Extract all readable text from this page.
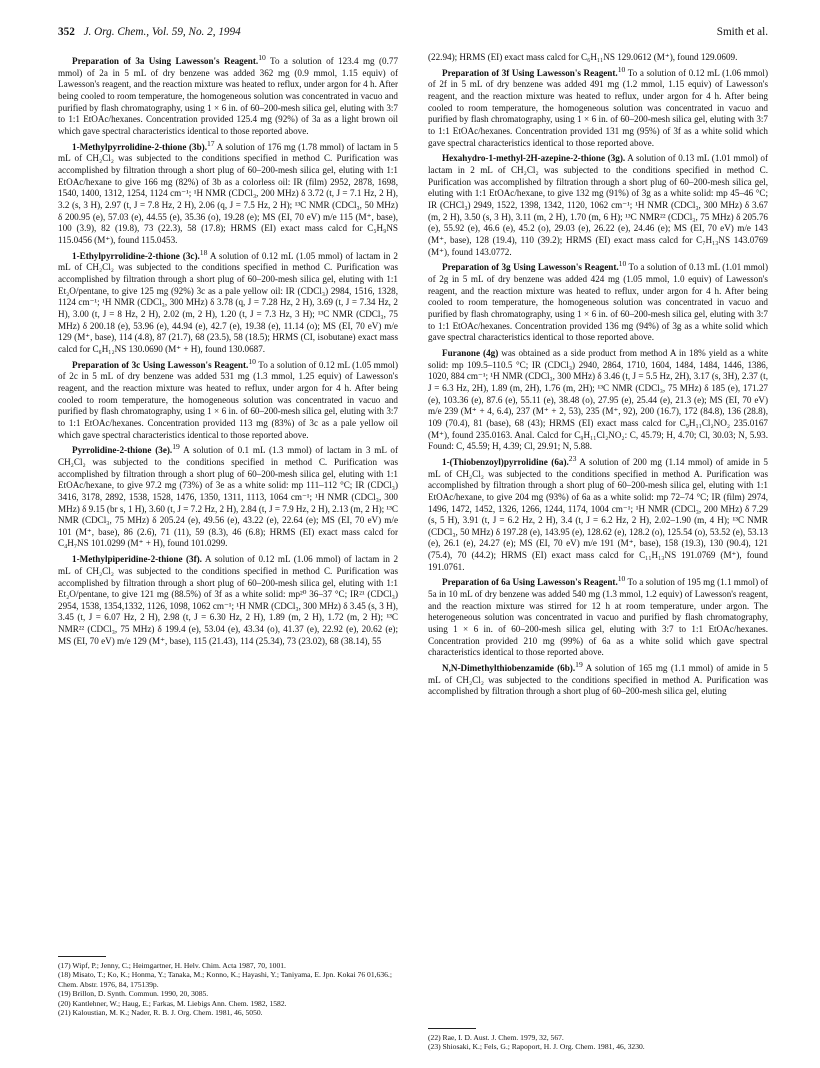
352 J. Org. Chem., Vol. 59, No. 2, 1994	Smith et al.

Preparation of 3a Using Lawesson's Reagent.$^{10}$ To a solution of 123.4 mg (0.77 mmol) of 2a in 5 mL of dry benzene was added 362 mg (0.9 mmol, 1.15 equiv) of Lawesson's reagent, and the reaction mixture was heated to reflux, under argon for 4 h. After being cooled to room temperature, the homogeneous solution was concentrated in vacuo and purified by flash chromatography, using 1 × 6 in. of 60–200-mesh silica gel, eluting with 3:7 to 1:1 EtOAc/hexanes. Concentration provided 125.4 mg (92%) of 3a as a light brown oil which gave spectral characteristics identical to those reported above.

1-Methylpyrrolidine-2-thione (3b).$^{17}$ A solution of 176 mg (1.78 mmol) of lactam in 5 mL of CH₂Cl₂ was subjected to the conditions specified in method C. Purification was accomplished by filtration through a short plug of 60–200-mesh silica gel, eluting with 1:1 EtOAc/hexane to give 166 mg (82%) of 3b as a colorless oil: IR (film) 2952, 2878, 1698, 1540, 1400, 1312, 1254, 1124 cm⁻¹; ¹H NMR (CDCl₃, 200 MHz) δ 3.72 (t, J = 7.1 Hz, 2 H), 3.2 (s, 3 H), 2.97 (t, J = 7.8 Hz, 2 H), 2.06 (q, J = 7.5 Hz, 2 H); ¹³C NMR (CDCl₃, 50 MHz) δ 200.95 (e), 57.03 (e), 44.55 (e), 35.36 (o), 19.28 (e); MS (EI, 70 eV) m/e 115 (M⁺, base), 100 (3.9), 82 (19.8), 73 (22.3), 58 (17.8); HRMS (EI) exact mass calcd for C₅H₉NS 115.0456 (M⁺), found 115.0453.

1-Ethylpyrrolidine-2-thione (3c).$^{18}$ A solution of 0.12 mL (1.05 mmol) of lactam in 2 mL of CH₂Cl₂ was subjected to the conditions specified in method C. Purification was accomplished by filtration through a short plug of 60–200-mesh silica gel, eluting with 1:1 Et₂O/pentane, to give 125 mg (92%) 3c as a pale yellow oil: IR (CDCl₃) 2984, 1516, 1328, 1124 cm⁻¹; ¹H NMR (CDCl₃, 300 MHz) δ 3.78 (q, J = 7.28 Hz, 2 H), 3.69 (t, J = 7.34 Hz, 2 H), 3.00 (t, J = 8 Hz, 2 H), 2.02 (m, 2 H), 1.20 (t, J = 7.3 Hz, 3 H); ¹³C NMR (CDCl₃, 75 MHz) δ 200.18 (e), 53.96 (e), 44.94 (e), 42.7 (e), 19.38 (e), 11.14 (o); MS (EI, 70 eV) m/e 129 (M⁺, base), 114 (4.8), 87 (21.7), 68 (23.5), 58 (18.5); HRMS (CI, isobutane) exact mass calcd for C₆H₁₂NS 130.0690 (M⁺ + H), found 130.0687.

Preparation of 3c Using Lawesson's Reagent.$^{10}$ To a solution of 0.12 mL (1.05 mmol) of 2c in 5 mL of dry benzene was added 531 mg (1.3 mmol, 1.25 equiv) of Lawesson's reagent, and the reaction mixture was heated to reflux, under argon for 4 h. After being cooled to room temperature, the homogeneous solution was concentrated in vacuo and purified by flash chromatography, using 1 × 6 in. of 60–200-mesh silica gel, eluting with 3:7 to 1:1 EtOAc/hexanes. Concentration provided 113 mg (83%) of 3c as a pale yellow oil which gave spectral characteristics identical to those reported above.

Pyrrolidine-2-thione (3e).$^{19}$ A solution of 0.1 mL (1.3 mmol) of lactam in 3 mL of CH₂Cl₂ was subjected to the conditions specified in method C. Purification was accomplished by filtration through a short plug of 60–200-mesh silica gel, eluting with 1:1 EtOAc/hexane, to give 97.2 mg (73%) of 3e as a white solid: mp 111–112 °C; IR (CDCl₃) 3416, 3178, 2892, 1538, 1528, 1476, 1350, 1311, 1113, 1064 cm⁻¹; ¹H NMR (CDCl₃, 300 MHz) δ 9.15 (br s, 1 H), 3.60 (t, J = 7.2 Hz, 2 H), 2.84 (t, J = 7.9 Hz, 2 H), 2.13 (m, 2 H); ¹³C NMR (CDCl₃, 75 MHz) δ 205.24 (e), 49.56 (e), 43.22 (e), 22.64 (e); MS (EI, 70 eV) m/e 101 (M⁺, base), 86 (2.6), 71 (11), 59 (8.3), 46 (6.8); HRMS (EI) exact mass calcd for C₄H₇NS 101.0299 (M⁺ + H), found 101.0299.

1-Methylpiperidine-2-thione (3f). A solution of 0.12 mL (1.06 mmol) of lactam in 2 mL of CH₂Cl₂ was subjected to the conditions specified in method C. Purification was accomplished by filtration through a short plug of 60–200-mesh silica gel, eluting with 1:1 Et₂O/pentane, to give 121 mg (88.5%) of 3f as a white solid: mp²⁰ 36–37 °C; IR²¹ (CDCl₃) 2954, 1538, 1354,1332, 1126, 1098, 1062 cm⁻¹; ¹H NMR (CDCl₃, 300 MHz) δ 3.45 (s, 3 H), 3.45 (t, J = 6.07 Hz, 2 H), 2.98 (t, J = 6.30 Hz, 2 H), 1.89 (m, 2 H), 1.72 (m, 2 H); ¹³C NMR²² (CDCl₃, 75 MHz) δ 199.4 (e), 53.04 (e), 43.34 (o), 41.37 (e), 22.92 (e), 20.62 (e); MS (EI, 70 eV) m/e 129 (M⁺, base), 115 (21.43), 114 (25.34), 73 (23.02), 68 (38.14), 55

(17) Wipf, P.; Jenny, C.; Heimgartner, H. Helv. Chim. Acta 1987, 70, 1001.

(18) Misato, T.; Ko, K.; Honma, Y.; Tanaka, M.; Konno, K.; Hayashi, Y.; Taniyama, E. Jpn. Kokai 76 01,636.; Chem. Abstr. 1976, 84, 175139p.

(19) Brillon, D. Synth. Commun. 1990, 20, 3085.

(20) Kantlehner, W.; Haug, E.; Farkas, M. Liebigs Ann. Chem. 1982, 1582.

(21) Kaloustian, M. K.; Nader, R. B. J. Org. Chem. 1981, 46, 5050.

(22.94); HRMS (EI) exact mass calcd for C₆H₁₁NS 129.0612 (M⁺), found 129.0609.

Preparation of 3f Using Lawesson's Reagent.$^{10}$ To a solution of 0.12 mL (1.06 mmol) of 2f in 5 mL of dry benzene was added 491 mg (1.2 mmol, 1.15 equiv) of Lawesson's reagent, and the reaction mixture was heated to reflux, under argon for 4 h. After being cooled to room temperature, the homogeneous solution was concentrated in vacuo and purified by flash chromatography, using 1 × 6 in. of 60–200-mesh silica gel, eluting with 3:7 to 1:1 EtOAc/hexanes. Concentration provided 131 mg (95%) of 3f as a white solid which gave spectral characteristics identical to those reported above.

Hexahydro-1-methyl-2H-azepine-2-thione (3g). A solution of 0.13 mL (1.01 mmol) of lactam in 2 mL of CH₂Cl₂ was subjected to the conditions specified in method C. Purification was accomplished by filtration through a short plug of 60–200-mesh silica gel, eluting with 1:1 EtOAc/hexane, to give 132 mg (91%) of 3g as a white solid: mp 45–46 °C; IR (CHCl₃) 2949, 1522, 1398, 1342, 1120, 1062 cm⁻¹; ¹H NMR (CDCl₃, 300 MHz) δ 3.67 (m, 2 H), 3.50 (s, 3 H), 3.11 (m, 2 H), 1.70 (m, 6 H); ¹³C NMR²² (CDCl₃, 75 MHz) δ 205.76 (e), 55.92 (e), 46.6 (e), 45.2 (o), 29.03 (e), 26.22 (e), 24.46 (e); MS (EI, 70 eV) m/e 143 (M⁺, base), 128 (19.4), 110 (39.2); HRMS (EI) exact mass calcd for C₇H₁₃NS 143.0769 (M⁺), found 143.0772.

Preparation of 3g Using Lawesson's Reagent.$^{10}$ To a solution of 0.13 mL (1.01 mmol) of 2g in 5 mL of dry benzene was added 424 mg (1.05 mmol, 1.0 equiv) of Lawesson's reagent, and the reaction mixture was heated to reflux, under argon for 4 h. After being cooled to room temperature, the homogeneous solution was concentrated in vacuo and purified by flash chromatography, using 1 × 6 in. of 60–200-mesh silica gel, eluting with 3:7 to 1:1 EtOAc/hexanes. Concentration provided 136 mg (94%) of 3g as a white solid which gave spectral characteristics identical to those reported above.

Furanone (4g) was obtained as a side product from method A in 18% yield as a white solid: mp 109.5–110.5 °C; IR (CDCl₃) 2940, 2864, 1710, 1604, 1484, 1484, 1446, 1386, 1020, 884 cm⁻¹; ¹H NMR (CDCl₃, 300 MHz) δ 3.46 (t, J = 5.5 Hz, 2H), 3.17 (s, 3H), 2.37 (t, J = 6.3 Hz, 2H), 1.89 (m, 2H), 1.76 (m, 2H); ¹³C NMR (CDCl₃, 75 MHz) δ 185 (e), 171.27 (e), 103.36 (e), 87.6 (e), 55.11 (e), 38.48 (o), 27.95 (e), 25.44 (e), 21.3 (e); MS (EI, 70 eV) m/e 239 (M⁺ + 4, 6.4), 237 (M⁺ + 2, 53), 235 (M⁺, 92), 200 (16.7), 172 (84.8), 136 (28.8), 109 (70.4), 81 (base), 68 (43); HRMS (EI) exact mass calcd for C₉H₁₁Cl₂NO₂ 235.0167 (M⁺), found 235.0163. Anal. Calcd for C₉H₁₁Cl₂NO₂: C, 45.79; H, 4.70; Cl, 30.03; N, 5.93. Found: C, 45.59; H, 4.39; Cl, 29.91; N, 5.88.

1-(Thiobenzoyl)pyrrolidine (6a).$^{23}$ A solution of 200 mg (1.14 mmol) of amide in 5 mL of CH₂Cl₂ was subjected to the conditions specified in method A. Purification was accomplished by filtration through a short plug of 60–200-mesh silica gel, eluting with 1:1 EtOAc/hexane, to give 204 mg (93%) of 6a as a white solid: mp 72–74 °C; IR (film) 2974, 1496, 1472, 1452, 1326, 1266, 1244, 1174, 1004 cm⁻¹; ¹H NMR (CDCl₃, 200 MHz) δ 7.29 (s, 5 H), 3.91 (t, J = 6.2 Hz, 2 H), 3.4 (t, J = 6.2 Hz, 2 H), 2.02–1.90 (m, 4 H); ¹³C NMR (CDCl₃, 50 MHz) δ 197.28 (e), 143.95 (e), 128.62 (e), 128.2 (o), 125.54 (o), 53.52 (e), 53.13 (e), 26.1 (e), 24.27 (e); MS (EI, 70 eV) m/e 191 (M⁺, base), 158 (19.3), 130 (90.4), 121 (75.4), 70 (44.2); HRMS (EI) exact mass calcd for C₁₁H₁₃NS 191.0769 (M⁺), found 191.0761.

Preparation of 6a Using Lawesson's Reagent.$^{10}$ To a solution of 195 mg (1.1 mmol) of 5a in 10 mL of dry benzene was added 540 mg (1.3 mmol, 1.2 equiv) of Lawesson's reagent, and the reaction mixture was stirred for 12 h at room temperature, under argon. The heterogeneous solution was concentrated in vacuo and purified by flash chromatography, using 1 × 6 in. of 60–200-mesh silica gel, eluting with 3:7 to 1:1 EtOAc/hexanes. Concentration provided 210 mg (99%) of 6a as a white solid which gave spectral characteristics identical to those reported above.

N,N-Dimethylthiobenzamide (6b).$^{19}$ A solution of 165 mg (1.1 mmol) of amide in 5 mL of CH₂Cl₂ was subjected to the conditions specified in method A. Purification was accomplished by filtration through a short plug of 60–200-mesh silica gel, eluting

(22) Rae, I. D. Aust. J. Chem. 1979, 32, 567.

(23) Shiosaki, K.; Fels, G.; Rapoport, H. J. Org. Chem. 1981, 46, 3230.
